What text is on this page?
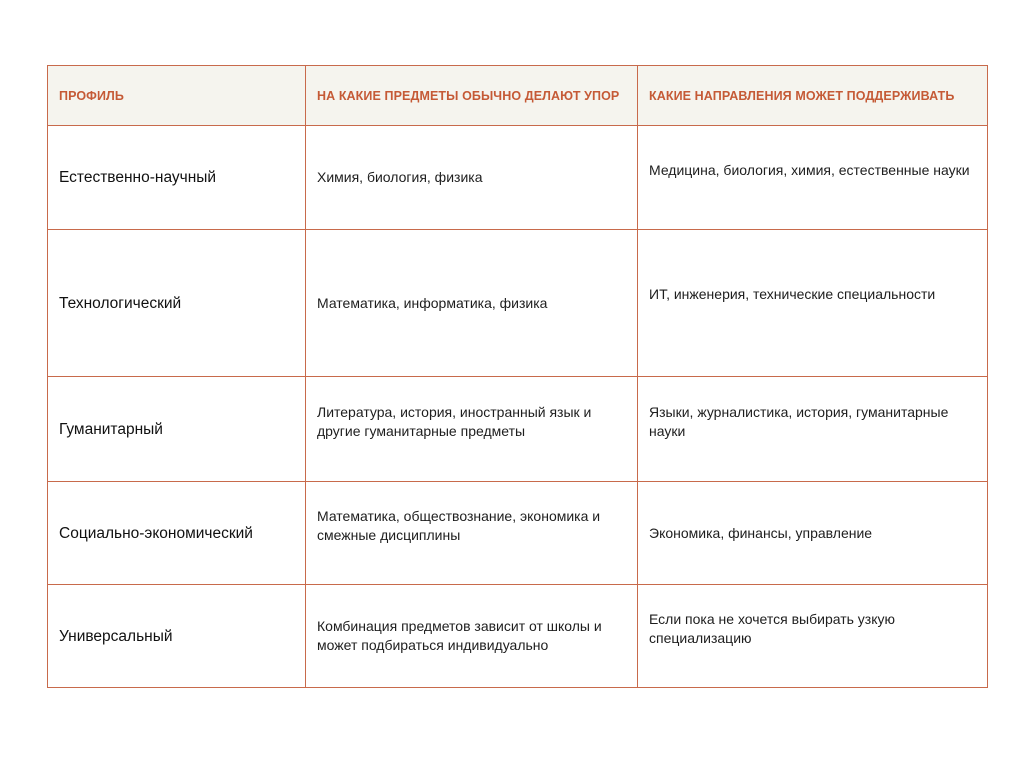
ПРОФИЛЬ	НА КАКИЕ ПРЕДМЕТЫ ОБЫЧНО ДЕЛАЮТ УПОР	КАКИЕ НАПРАВЛЕНИЯ МОЖЕТ ПОДДЕРЖИВАТЬ
Естественно-научный	Химия, биология, физика	Медицина, биология, химия, естественные науки

Технологический	Математика, информатика, физика	ИТ, инженерия, технические специальности

Гуманитарный	Литература, история, иностранный язык и другие гуманитарные предметы	Языки, журналистика, история, гуманитарные науки

Социально-экономический	Математика, обществознание, экономика и смежные дисциплины	Экономика, финансы, управление
Универсальный	Комбинация предметов зависит от школы и может подбираться индивидуально	Если пока не хочется выбирать узкую специализацию
